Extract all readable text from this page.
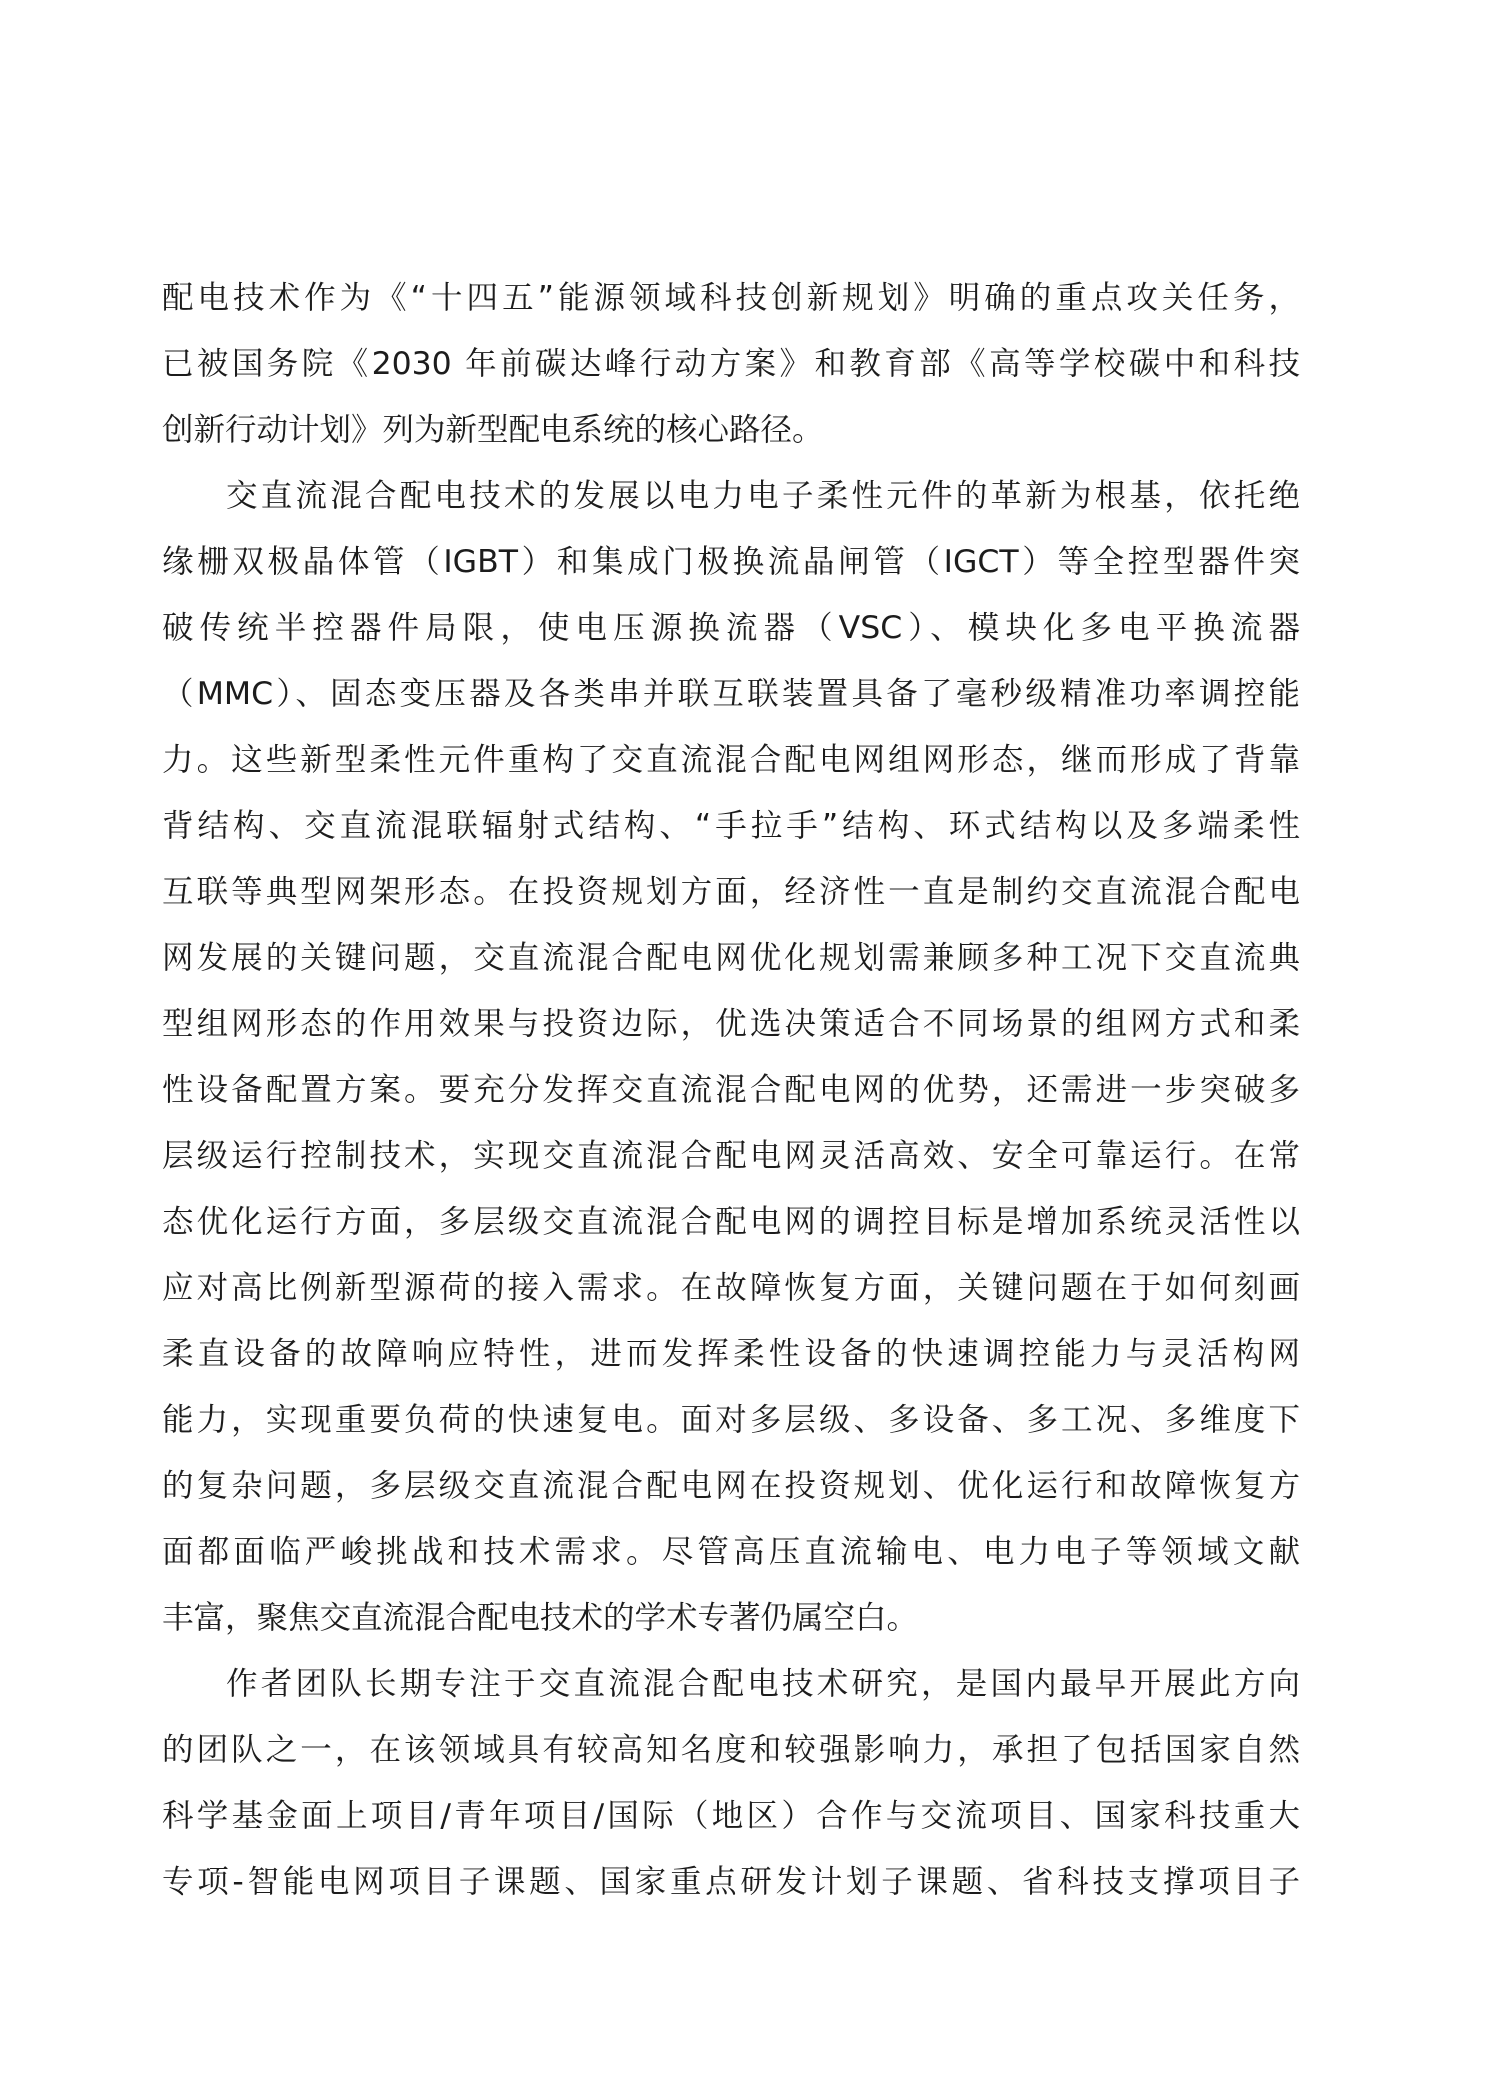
配电技术作为《“十四五”能源领域科技创新规划》明确的重点攻关任务，
已被国务院《2030 年前碳达峰行动方案》和教育部《高等学校碳中和科技
创新行动计划》列为新型配电系统的核心路径。
交直流混合配电技术的发展以电力电子柔性元件的革新为根基，依托绝
缘栅双极晶体管（IGBT）和集成门极换流晶闸管（IGCT）等全控型器件突
破传统半控器件局限，使电压源换流器（VSC）、模块化多电平换流器
（MMC）、固态变压器及各类串并联互联装置具备了毫秒级精准功率调控能
力。这些新型柔性元件重构了交直流混合配电网组网形态，继而形成了背靠
背结构、交直流混联辐射式结构、“手拉手”结构、环式结构以及多端柔性
互联等典型网架形态。在投资规划方面，经济性一直是制约交直流混合配电
网发展的关键问题，交直流混合配电网优化规划需兼顾多种工况下交直流典
型组网形态的作用效果与投资边际，优选决策适合不同场景的组网方式和柔
性设备配置方案。要充分发挥交直流混合配电网的优势，还需进一步突破多
层级运行控制技术，实现交直流混合配电网灵活高效、安全可靠运行。在常
态优化运行方面，多层级交直流混合配电网的调控目标是增加系统灵活性以
应对高比例新型源荷的接入需求。在故障恢复方面，关键问题在于如何刻画
柔直设备的故障响应特性，进而发挥柔性设备的快速调控能力与灵活构网
能力，实现重要负荷的快速复电。面对多层级、多设备、多工况、多维度下
的复杂问题，多层级交直流混合配电网在投资规划、优化运行和故障恢复方
面都面临严峻挑战和技术需求。尽管高压直流输电、电力电子等领域文献
丰富，聚焦交直流混合配电技术的学术专著仍属空白。
作者团队长期专注于交直流混合配电技术研究，是国内最早开展此方向
的团队之一，在该领域具有较高知名度和较强影响力，承担了包括国家自然
科学基金面上项目/青年项目/国际（地区）合作与交流项目、国家科技重大
专项-智能电网项目子课题、国家重点研发计划子课题、省科技支撑项目子
